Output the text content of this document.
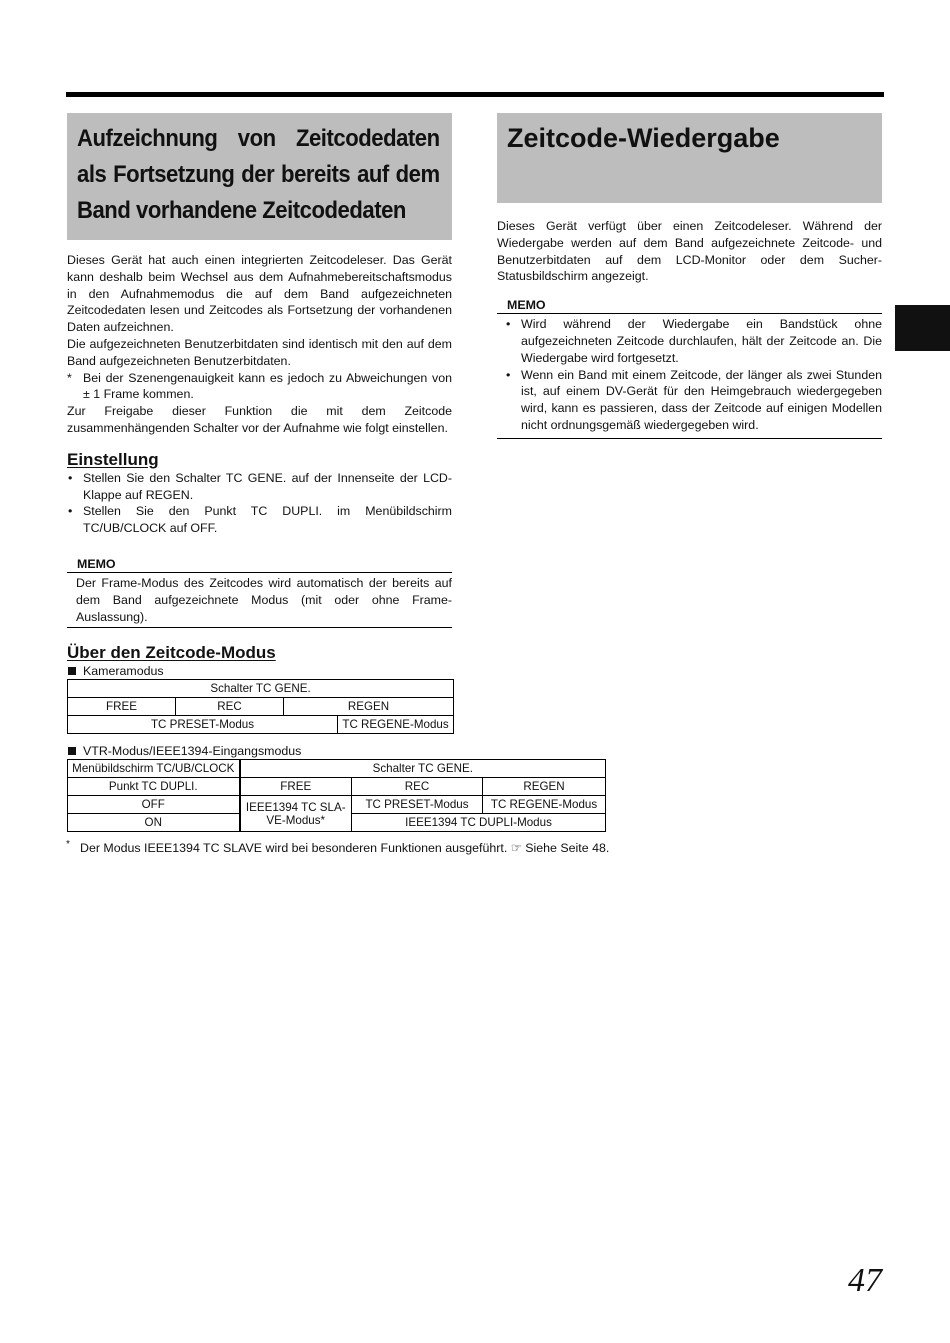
Aufzeichnung von Zeitcodedaten als Fortsetzung der bereits auf dem Band vorhandene Zeitcodedaten

Dieses Gerät hat auch einen integrierten Zeitcodeleser. Das Gerät kann deshalb beim Wechsel aus dem Aufnahmebereitschaftsmodus in den Aufnahmemodus die auf dem Band aufgezeichneten Zeitcodedaten lesen und Zeitcodes als Fortsetzung der vorhandenen Daten aufzeichnen.

Die aufgezeichneten Benutzerbitdaten sind identisch mit den auf dem Band aufgezeichneten Benutzerbitdaten.

* Bei der Szenengenauigkeit kann es jedoch zu Abweichungen von ± 1 Frame kommen.

Zur Freigabe dieser Funktion die mit dem Zeitcode zusammenhängenden Schalter vor der Aufnahme wie folgt einstellen.

Einstellung
• Stellen Sie den Schalter TC GENE. auf der Innenseite der LCD-Klappe auf REGEN.
• Stellen Sie den Punkt TC DUPLI. im Menübildschirm TC/UB/CLOCK auf OFF.
MEMO
Der Frame-Modus des Zeitcodes wird automatisch der bereits auf dem Band aufgezeichnete Modus (mit oder ohne Frame-Auslassung).
Über den Zeitcode-Modus
Kameramodus
Schalter TC GENE.			
FREE	REC	REGEN	
TC PRESET-Modus			TC REGENE-Modus
Zeitcode-Wiedergabe

Dieses Gerät verfügt über einen Zeitcodeleser. Während der Wiedergabe werden auf dem Band aufgezeichnete Zeitcode- und Benutzerbitdaten auf dem LCD-Monitor oder dem Sucher-Statusbildschirm angezeigt.

MEMO
• Wird während der Wiedergabe ein Bandstück ohne aufgezeichneten Zeitcode durchlaufen, hält der Zeitcode an. Die Wiedergabe wird fortgesetzt.
• Wenn ein Band mit einem Zeitcode, der länger als zwei Stunden ist, auf einem DV-Gerät für den Heimgebrauch wiedergegeben wird, kann es passieren, dass der Zeitcode auf einigen Modellen nicht ordnungsgemäß wiedergegeben wird.
VTR-Modus/IEEE1394-Eingangsmodus
Menübildschirm TC/UB/CLOCK	Schalter TC GENE.		
Punkt TC DUPLI.	FREE	REC	REGEN
OFF	IEEE1394 TC SLA-VE-Modus*	TC PRESET-Modus	TC REGENE-Modus
ON		IEEE1394 TC DUPLI-Modus	
* Der Modus IEEE1394 TC SLAVE wird bei besonderen Funktionen ausgeführt. ☞ Siehe Seite 48.
47
